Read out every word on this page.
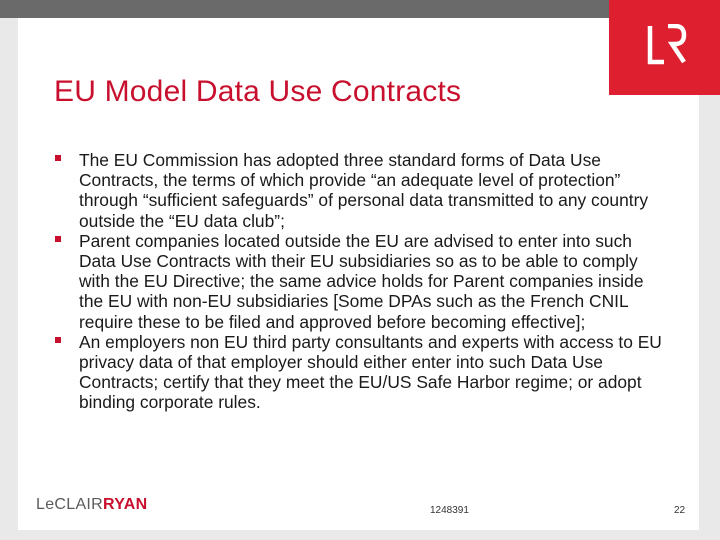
EU Model Data Use Contracts
The EU Commission has adopted three standard forms of Data Use Contracts, the terms of which provide “an adequate level of protection” through “sufficient safeguards” of personal data transmitted to any country outside the “EU data club”;
Parent companies located outside the EU are advised to enter into such Data Use Contracts with their EU subsidiaries so as to be able to comply with the EU Directive; the same advice holds for Parent companies inside the EU with non-EU subsidiaries [Some DPAs such as the French CNIL require these to be filed and approved before becoming effective];
An employers non EU third party consultants and experts with access to EU privacy data of that employer should either enter into such Data Use Contracts; certify that they meet the EU/US Safe Harbor regime; or adopt binding corporate rules.
LeCLAIRRYAN	1248391	22
